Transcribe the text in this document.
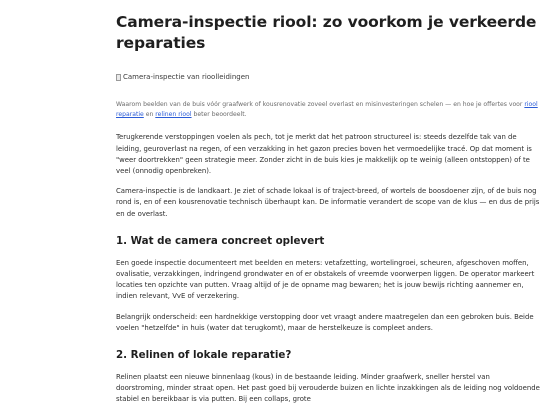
Camera-inspectie riool: zo voorkom je verkeerde reparaties
Camera-inspectie van rioolleidingen

Waarom beelden van de buis vóór graafwerk of kousrenovatie zoveel overlast en misinvesteringen schelen — en hoe je offertes voor riool reparatie en relinen riool beter beoordeelt.

Terugkerende verstoppingen voelen als pech, tot je merkt dat het patroon structureel is: steeds dezelfde tak van de leiding, geuroverlast na regen, of een verzakking in het gazon precies boven het vermoedelijke tracé. Op dat moment is "weer doortrekken" geen strategie meer. Zonder zicht in de buis kies je makkelijk op te weinig (alleen ontstoppen) of te veel (onnodig openbreken).

Camera-inspectie is de landkaart. Je ziet of schade lokaal is of traject-breed, of wortels de boosdoener zijn, of de buis nog rond is, en of een kousrenovatie technisch überhaupt kan. De informatie verandert de scope van de klus — en dus de prijs en de overlast.

1. Wat de camera concreet oplevert

Een goede inspectie documenteert met beelden en meters: vetafzetting, wortelingroei, scheuren, afgeschoven moffen, ovalisatie, verzakkingen, indringend grondwater en of er obstakels of vreemde voorwerpen liggen. De operator markeert locaties ten opzichte van putten. Vraag altijd of je de opname mag bewaren; het is jouw bewijs richting aannemer en, indien relevant, VvE of verzekering.

Belangrijk onderscheid: een hardnekkige verstopping door vet vraagt andere maatregelen dan een gebroken buis. Beide voelen "hetzelfde" in huis (water dat terugkomt), maar de herstelkeuze is compleet anders.

2. Relinen of lokale reparatie?

Relinen plaatst een nieuwe binnenlaag (kous) in de bestaande leiding. Minder graafwerk, sneller herstel van doorstroming, minder straat open. Het past goed bij verouderde buizen en lichte inzakkingen als de leiding nog voldoende stabiel en bereikbaar is via putten. Bij een collaps, grote
